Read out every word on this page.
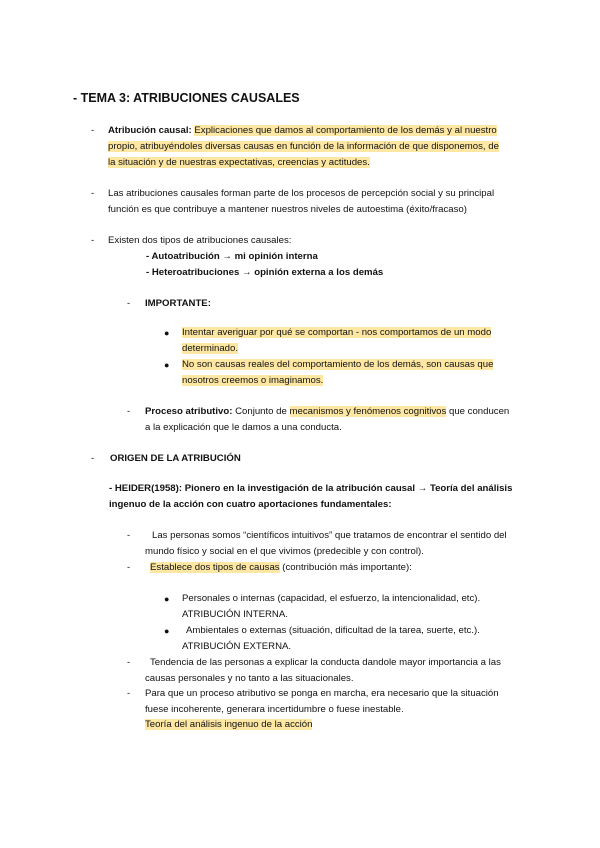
- TEMA 3: ATRIBUCIONES CAUSALES
- Atribución causal: Explicaciones que damos al comportamiento de los demás y al nuestro
propio, atribuyéndoles diversas causas en función de la información de que disponemos, de
la situación y de nuestras expectativas, creencias y actitudes.
- Las atribuciones causales forman parte de los procesos de percepción social y su principal
función es que contribuye a mantener nuestros niveles de autoestima (éxito/fracaso)
- Existen dos tipos de atribuciones causales:
- Autoatribución → mi opinión interna
- Heteroatribuciones → opinión externa a los demás
- IMPORTANTE:
● Intentar averiguar por qué se comportan - nos comportamos de un modo
determinado.
● No son causas reales del comportamiento de los demás, son causas que
nosotros creemos o imaginamos.
- Proceso atributivo: Conjunto de mecanismos y fenómenos cognitivos que conducen
a la explicación que le damos a una conducta.
- ORIGEN DE LA ATRIBUCIÓN
- HEIDER(1958): Pionero en la investigación de la atribución causal → Teoría del análisis
ingenuo de la acción con cuatro aportaciones fundamentales:
- Las personas somos “científicos intuitivos” que tratamos de encontrar el sentido del
mundo físico y social en el que vivimos (predecible y con control).
- Establece dos tipos de causas (contribución más importante):
● Personales o internas (capacidad, el esfuerzo, la intencionalidad, etc).
ATRIBUCIÓN INTERNA.
● Ambientales o externas (situación, dificultad de la tarea, suerte, etc.).
ATRIBUCIÓN EXTERNA.
- Tendencia de las personas a explicar la conducta dandole mayor importancia a las
causas personales y no tanto a las situacionales.
- Para que un proceso atributivo se ponga en marcha, era necesario que la situación
fuese incoherente, generara incertidumbre o fuese inestable.
Teoría del análisis ingenuo de la acción
